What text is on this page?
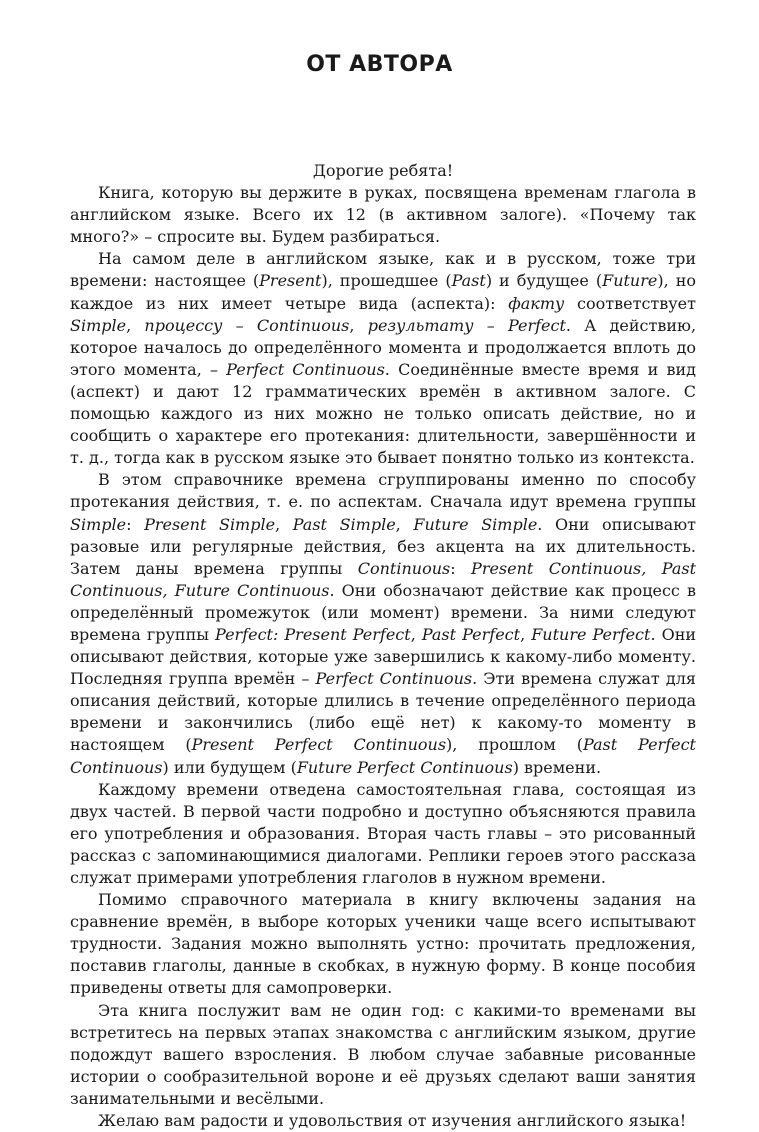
ОТ АВТОРА

Дорогие ребята!

Книга, которую вы держите в руках, посвящена временам глагола в английском языке. Всего их 12 (в активном залоге). «Почему так много?» – спросите вы. Будем разбираться.

На самом деле в английском языке, как и в русском, тоже три времени: настоящее (Present), прошедшее (Past) и будущее (Future), но каждое из них имеет четыре вида (аспекта): факту соответствует Simple, процессу – Continuous, результату – Perfect. А действию, которое началось до определённого момента и продолжается вплоть до этого момента, – Perfect Continuous. Соединённые вместе время и вид (аспект) и дают 12 грамматических времён в активном залоге. С помощью каждого из них можно не только описать действие, но и сообщить о характере его протекания: длительности, завершённости и т. д., тогда как в русском языке это бывает понятно только из контекста.

В этом справочнике времена сгруппированы именно по способу протекания действия, т. е. по аспектам. Сначала идут времена группы Simple: Present Simple, Past Simple, Future Simple. Они описывают разовые или регулярные действия, без акцента на их длительность. Затем даны времена группы Continuous: Present Continuous, Past Continuous, Future Continuous. Они обозначают действие как процесс в определённый промежуток (или момент) времени. За ними следуют времена группы Perfect: Present Perfect, Past Perfect, Future Perfect. Они описывают действия, которые уже завершились к какому-либо моменту. Последняя группа времён – Perfect Continuous. Эти времена служат для описания действий, которые длились в течение определённого периода времени и закончились (либо ещё нет) к какому-то моменту в настоящем (Present Perfect Continuous), прошлом (Past Perfect Continuous) или будущем (Future Perfect Continuous) времени.

Каждому времени отведена самостоятельная глава, состоящая из двух частей. В первой части подробно и доступно объясняются правила его употребления и образования. Вторая часть главы – это рисованный рассказ с запоминающимися диалогами. Реплики героев этого рассказа служат примерами употребления глаголов в нужном времени.

Помимо справочного материала в книгу включены задания на сравнение времён, в выборе которых ученики чаще всего испытывают трудности. Задания можно выполнять устно: прочитать предложения, поставив глаголы, данные в скобках, в нужную форму. В конце пособия приведены ответы для самопроверки.

Эта книга послужит вам не один год: с какими-то временами вы встретитесь на первых этапах знакомства с английским языком, другие подождут вашего взросления. В любом случае забавные рисованные истории о сообразительной вороне и её друзьях сделают ваши занятия занимательными и весёлыми.

Желаю вам радости и удовольствия от изучения английского языка!
